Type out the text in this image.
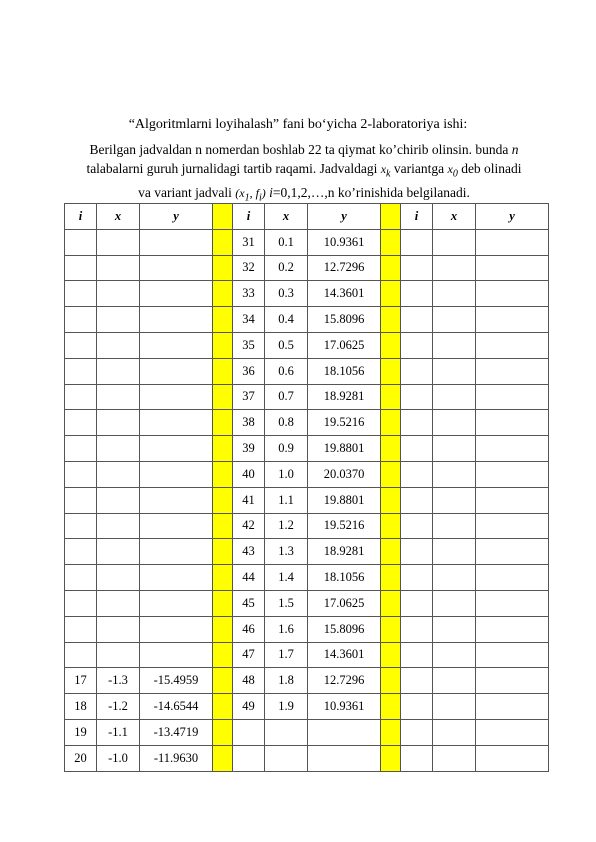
“Algoritmlarni loyihalash” fani bo‘yicha 2-laboratoriya ishi:
Berilgan jadvaldan n nomerdan boshlab 22 ta qiymat ko’chirib olinsin. bunda n
talabalarni guruh jurnalidagi tartib raqami. Jadvaldagi $x_k$ variantga $x_0$ deb olinadi
va variant jadvali ($x_1$, $f_i$) i=0,1,2,…,n ko’rinishida belgilanadi.
i	x	y		i	x	y		i	x	y
				31	0.1	10.9361				
				32	0.2	12.7296				
				33	0.3	14.3601				
				34	0.4	15.8096				
				35	0.5	17.0625				
				36	0.6	18.1056				
				37	0.7	18.9281				
				38	0.8	19.5216				
				39	0.9	19.8801				
				40	1.0	20.0370				
				41	1.1	19.8801				
				42	1.2	19.5216				
				43	1.3	18.9281				
				44	1.4	18.1056				
				45	1.5	17.0625				
				46	1.6	15.8096				
				47	1.7	14.3601				
17	-1.3	-15.4959		48	1.8	12.7296				
18	-1.2	-14.6544		49	1.9	10.9361				
19	-1.1	-13.4719								
20	-1.0	-11.9630								
